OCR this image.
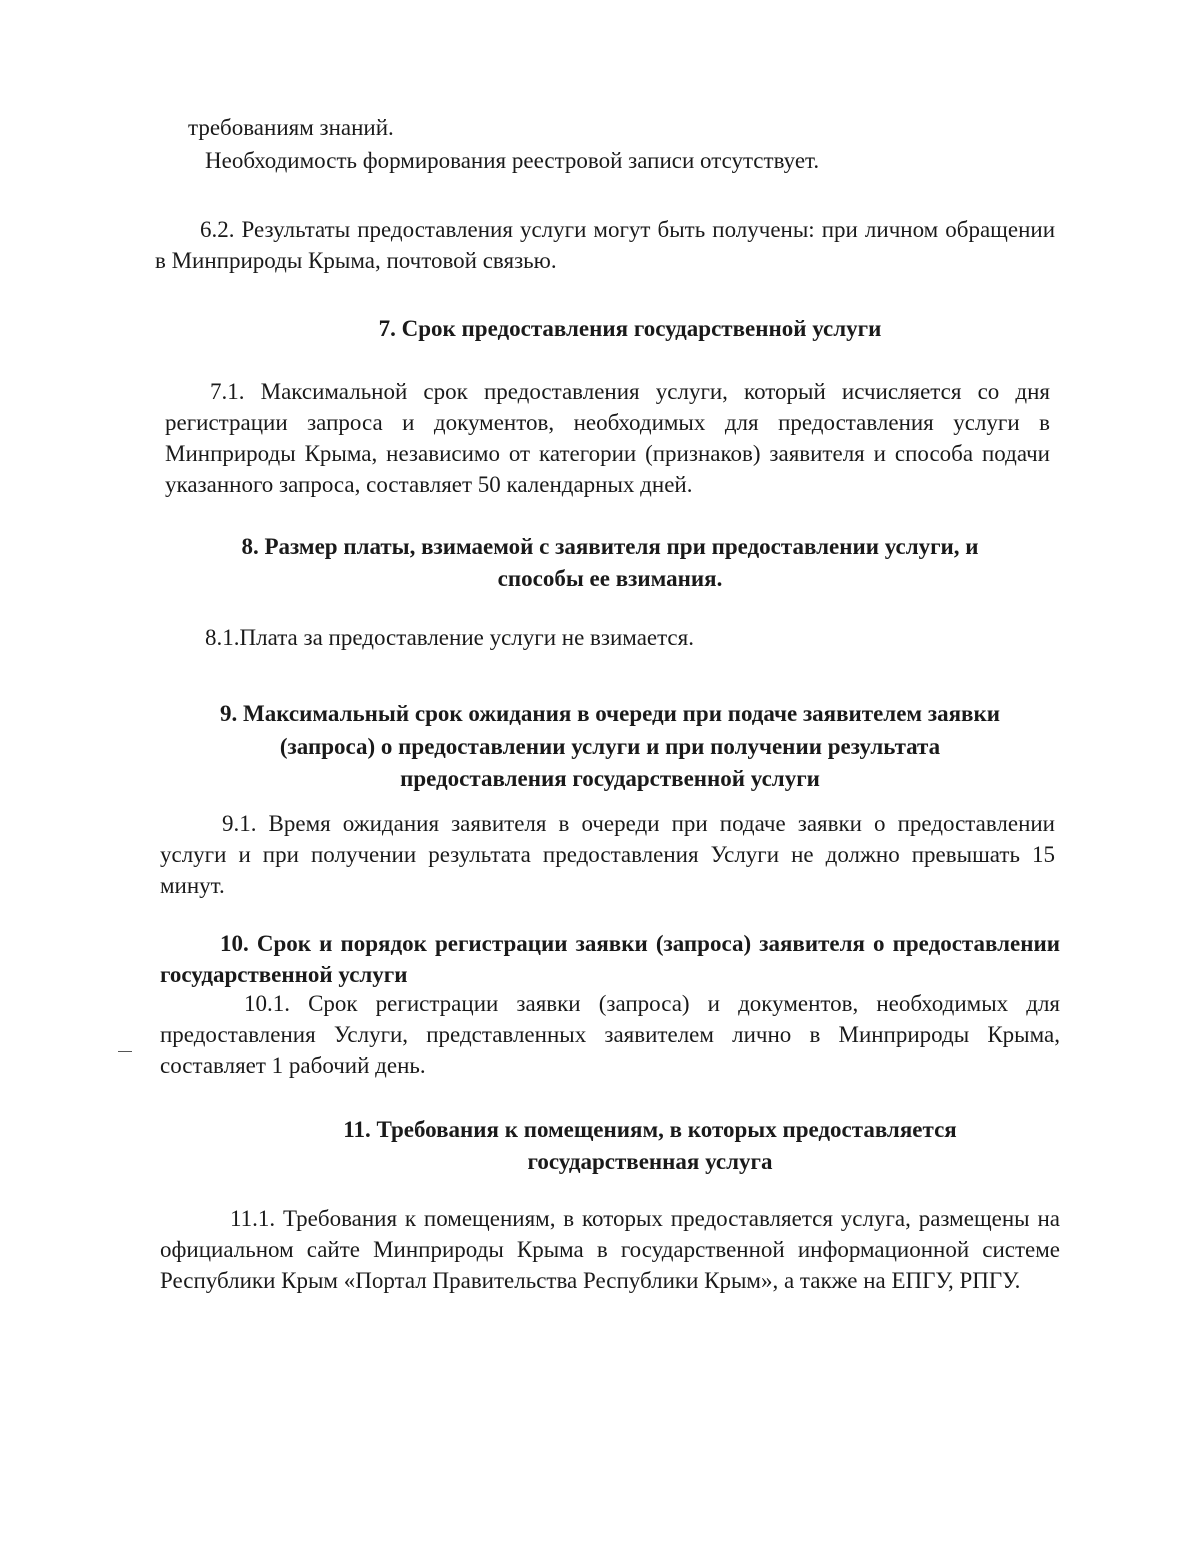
требованиям знаний.

Необходимость формирования реестровой записи отсутствует.

6.2. Результаты предоставления услуги могут быть получены: при личном обращении в Минприроды Крыма, почтовой связью.

7. Срок предоставления государственной услуги

7.1. Максимальной срок предоставления услуги, который исчисляется со дня регистрации запроса и документов, необходимых для предоставления услуги в Минприроды Крыма, независимо от категории (признаков) заявителя и способа подачи указанного запроса, составляет 50 календарных дней.

8. Размер платы, взимаемой с заявителя при предоставлении услуги, и

способы ее взимания.

8.1.Плата за предоставление услуги не взимается.

9. Максимальный срок ожидания в очереди при подаче заявителем заявки

(запроса) о предоставлении услуги и при получении результата

предоставления государственной услуги

9.1. Время ожидания заявителя в очереди при подаче заявки о предоставлении услуги и при получении результата предоставления Услуги не должно превышать 15 минут.

10. Срок и порядок регистрации заявки (запроса) заявителя о предоставлении государственной услуги

10.1. Срок регистрации заявки (запроса) и документов, необходимых для предоставления Услуги, представленных заявителем лично в Минприроды Крыма, составляет 1 рабочий день.

11. Требования к помещениям, в которых предоставляется

государственная услуга

11.1. Требования к помещениям, в которых предоставляется услуга, размещены на официальном сайте Минприроды Крыма в государственной информационной системе Республики Крым «Портал Правительства Республики Крым», а также на ЕПГУ, РПГУ.
